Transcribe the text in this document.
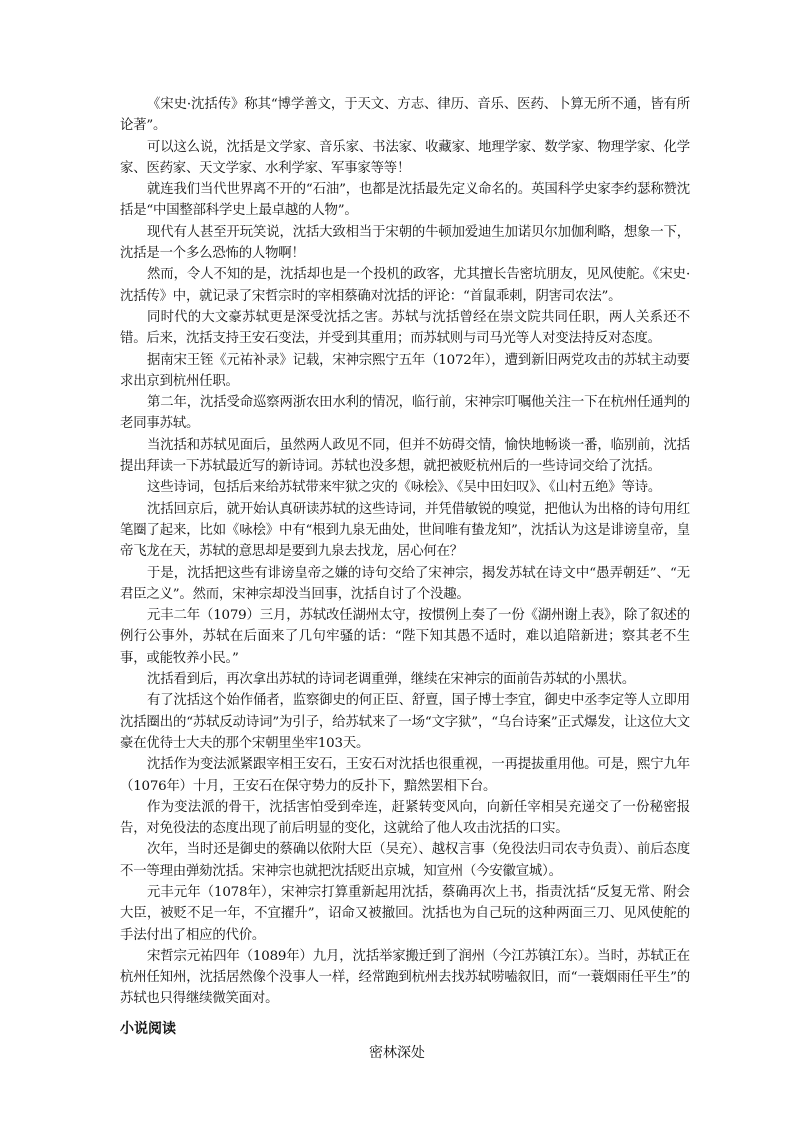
《宋史·沈括传》称其“博学善文，于天文、方志、律历、音乐、医药、卜算无所不通，皆有所论著”。

可以这么说，沈括是文学家、音乐家、书法家、收藏家、地理学家、数学家、物理学家、化学家、医药家、天文学家、水利学家、军事家等等！

就连我们当代世界离不开的“石油”，也都是沈括最先定义命名的。英国科学史家李约瑟称赞沈括是“中国整部科学史上最卓越的人物”。

现代有人甚至开玩笑说，沈括大致相当于宋朝的牛顿加爱迪生加诺贝尔加伽利略，想象一下，沈括是一个多么恐怖的人物啊！

然而，令人不知的是，沈括却也是一个投机的政客，尤其擅长告密坑朋友，见风使舵。《宋史·沈括传》中，就记录了宋哲宗时的宰相蔡确对沈括的评论：“首鼠乖刺，阴害司农法”。

同时代的大文豪苏轼更是深受沈括之害。苏轼与沈括曾经在崇文院共同任职，两人关系还不错。后来，沈括支持王安石变法，并受到其重用；而苏轼则与司马光等人对变法持反对态度。

据南宋王铚《元祐补录》记载，宋神宗熙宁五年（1072年），遭到新旧两党攻击的苏轼主动要求出京到杭州任职。

第二年，沈括受命巡察两浙农田水利的情况，临行前，宋神宗叮嘱他关注一下在杭州任通判的老同事苏轼。

当沈括和苏轼见面后，虽然两人政见不同，但并不妨碍交情，愉快地畅谈一番，临别前，沈括提出拜读一下苏轼最近写的新诗词。苏轼也没多想，就把被贬杭州后的一些诗词交给了沈括。

这些诗词，包括后来给苏轼带来牢狱之灾的《咏桧》、《吴中田妇叹》、《山村五绝》等诗。

沈括回京后，就开始认真研读苏轼的这些诗词，并凭借敏锐的嗅觉，把他认为出格的诗句用红笔圈了起来，比如《咏桧》中有“根到九泉无曲处，世间唯有蛰龙知”，沈括认为这是诽谤皇帝，皇帝飞龙在天，苏轼的意思却是要到九泉去找龙，居心何在？

于是，沈括把这些有诽谤皇帝之嫌的诗句交给了宋神宗，揭发苏轼在诗文中“愚弄朝廷”、“无君臣之义”。然而，宋神宗却没当回事，沈括自讨了个没趣。

元丰二年（1079）三月，苏轼改任湖州太守，按惯例上奏了一份《湖州谢上表》，除了叙述的例行公事外，苏轼在后面来了几句牢骚的话：“陛下知其愚不适时，难以追陪新进；察其老不生事，或能牧养小民。”

沈括看到后，再次拿出苏轼的诗词老调重弹，继续在宋神宗的面前告苏轼的小黑状。

有了沈括这个始作俑者，监察御史的何正臣、舒亶，国子博士李宜，御史中丞李定等人立即用沈括圈出的“苏轼反动诗词”为引子，给苏轼来了一场“文字狱”，“乌台诗案”正式爆发，让这位大文豪在优待士大夫的那个宋朝里坐牢103天。

沈括作为变法派紧跟宰相王安石，王安石对沈括也很重视，一再提拔重用他。可是，熙宁九年（1076年）十月，王安石在保守势力的反扑下，黯然罢相下台。

作为变法派的骨干，沈括害怕受到牵连，赶紧转变风向，向新任宰相吴充递交了一份秘密报告，对免役法的态度出现了前后明显的变化，这就给了他人攻击沈括的口实。

次年，当时还是御史的蔡确以依附大臣（吴充）、越权言事（免役法归司农寺负责）、前后态度不一等理由弹劾沈括。宋神宗也就把沈括贬出京城，知宣州（今安徽宣城）。

元丰元年（1078年），宋神宗打算重新起用沈括，蔡确再次上书，指责沈括“反复无常、附会大臣，被贬不足一年，不宜擢升”，诏命又被撤回。沈括也为自己玩的这种两面三刀、见风使舵的手法付出了相应的代价。

宋哲宗元祐四年（1089年）九月，沈括举家搬迁到了润州（今江苏镇江东）。当时，苏轼正在杭州任知州，沈括居然像个没事人一样，经常跑到杭州去找苏轼唠嗑叙旧，而“一蓑烟雨任平生”的苏轼也只得继续微笑面对。

小说阅读

密林深处
